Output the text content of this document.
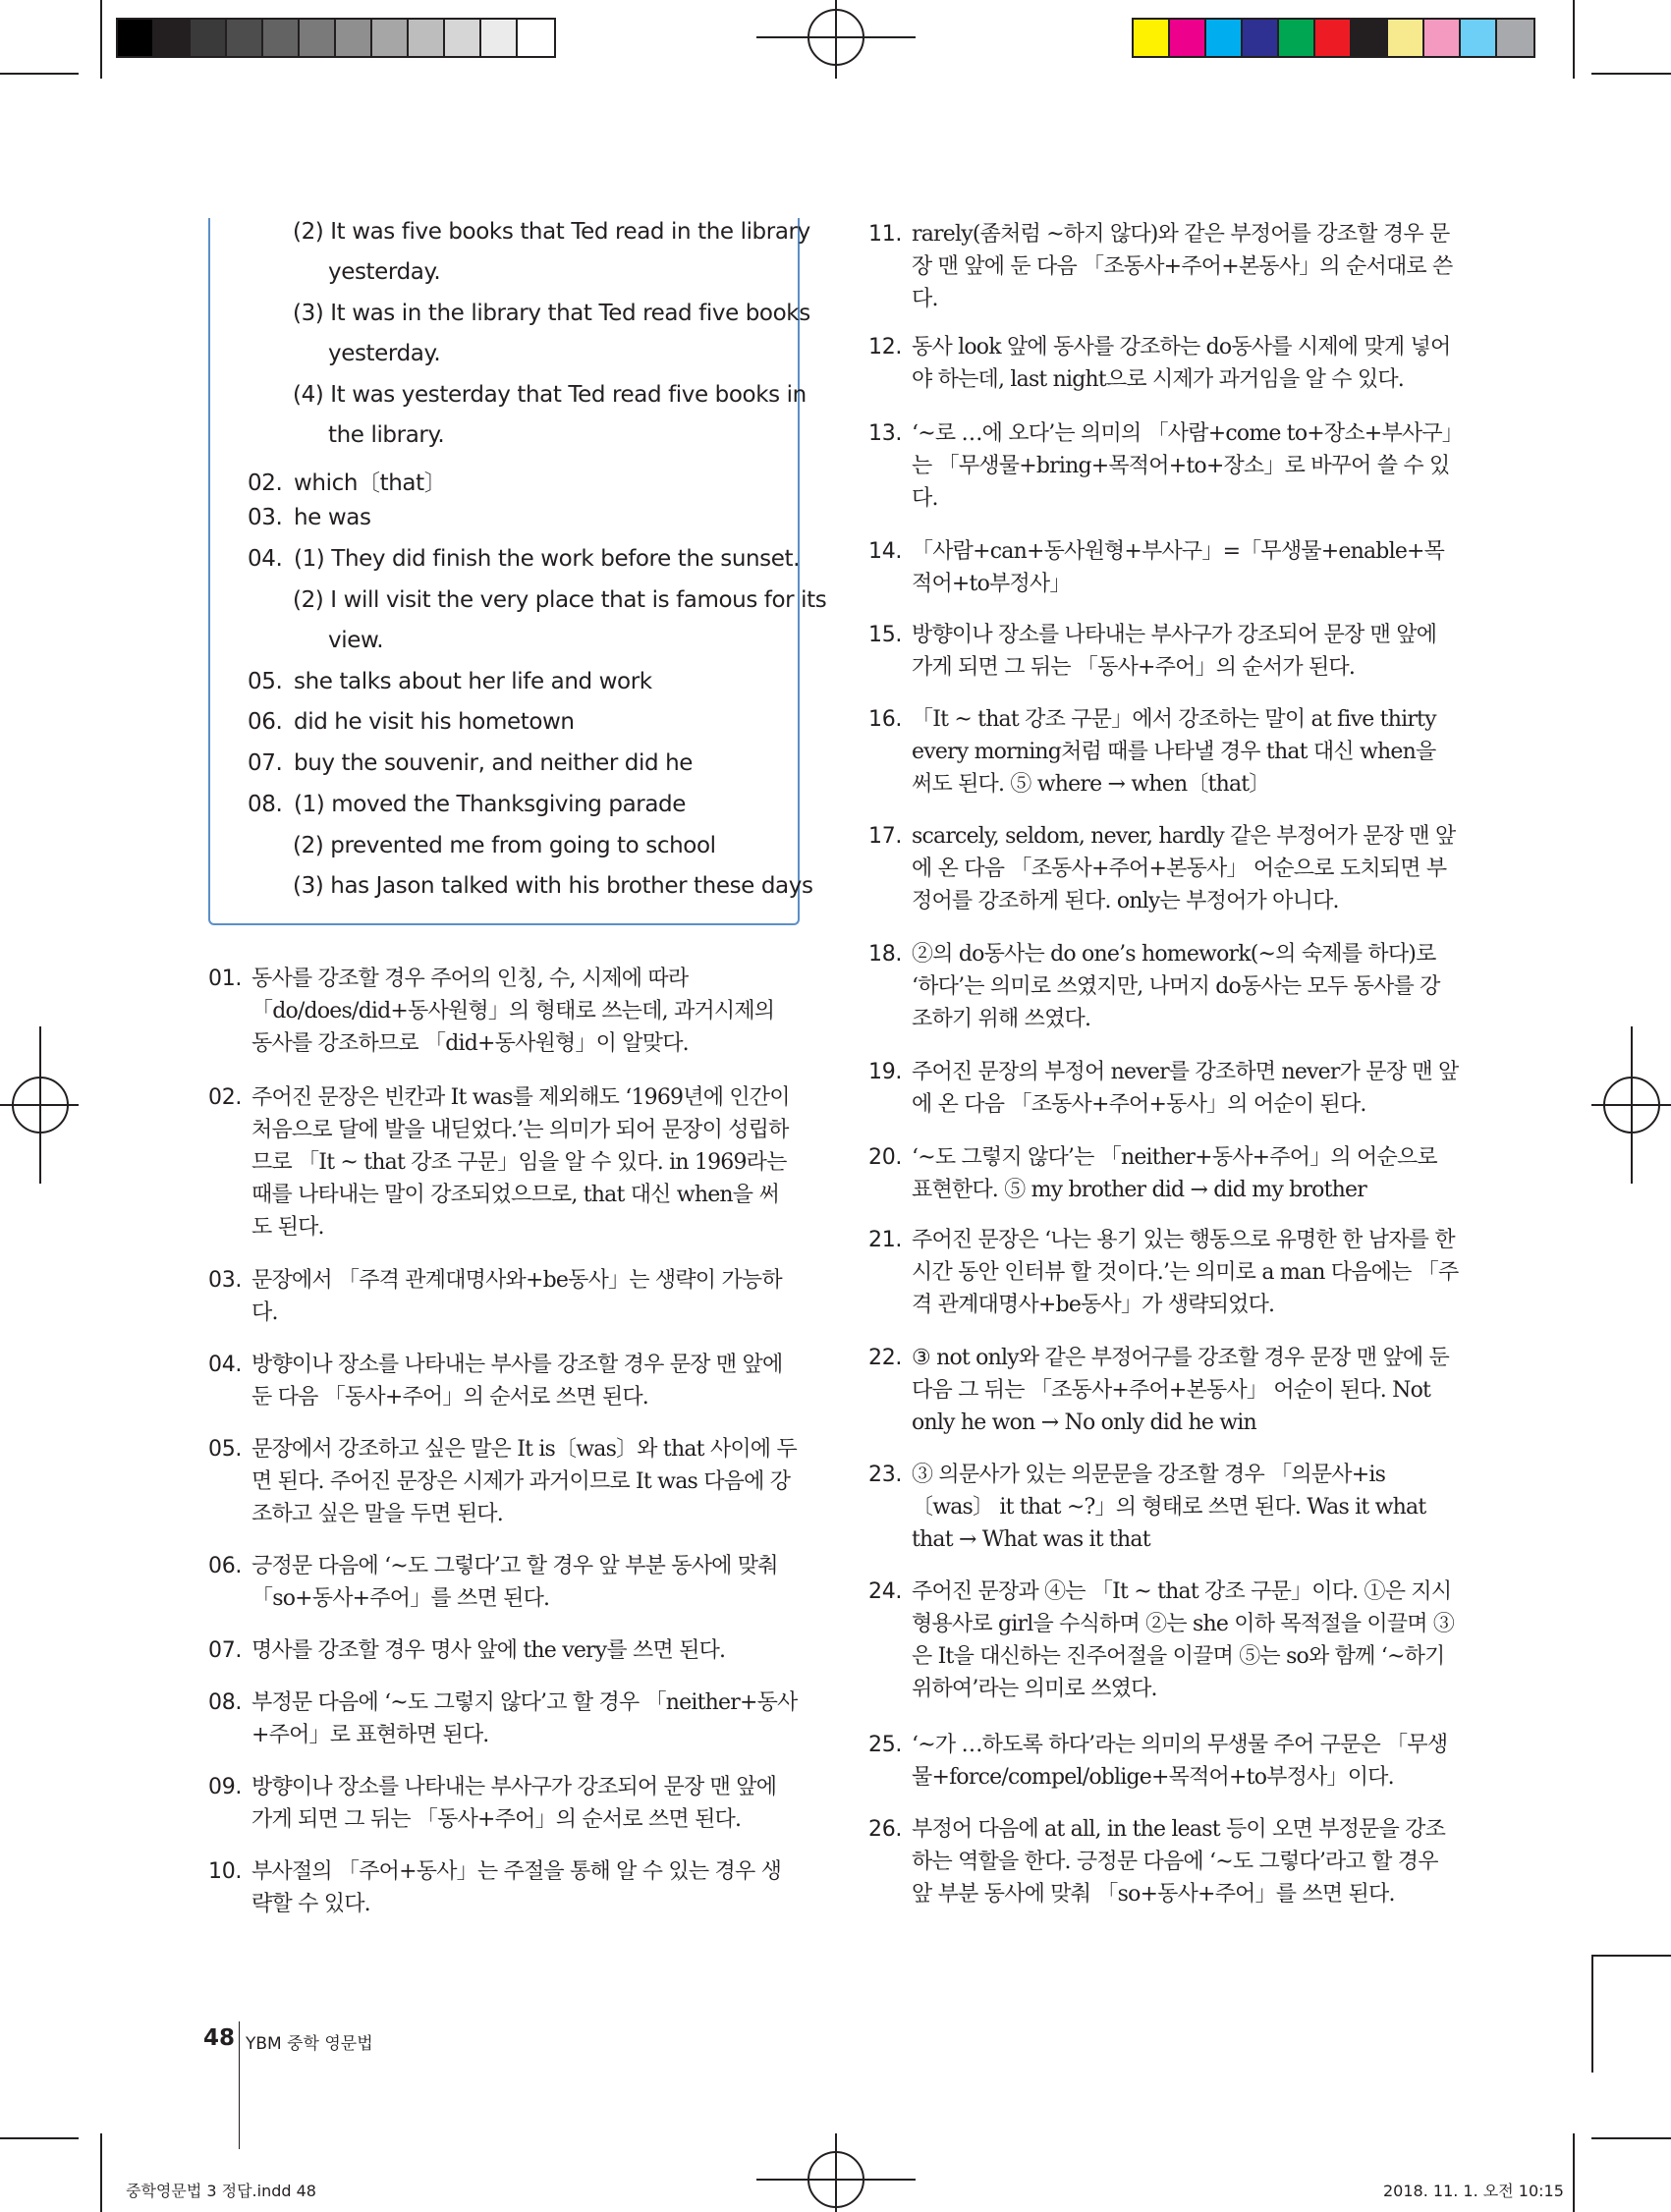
(2) It was five books that Ted read in the library
yesterday.
(3) It was in the library that Ted read five books
yesterday.
(4) It was yesterday that Ted read five books in
the library.
02. which〔that〕
03. he was
04. (1) They did finish the work before the sunset.
(2) I will visit the very place that is famous for its
view.
05. she talks about her life and work
06. did he visit his hometown
07. buy the souvenir, and neither did he
08. (1) moved the Thanksgiving parade
(2) prevented me from going to school
(3) has Jason talked with his brother these days
01. 동사를 강조할 경우 주어의 인칭, 수, 시제에 따라 「do/does/did+동사원형」의 형태로 쓰는데, 과거시제의 동사를 강조하므로 「did+동사원형」이 알맞다.
02. 주어진 문장은 빈칸과 It was를 제외해도 ‘1969년에 인간이 처음으로 달에 발을 내딛었다.’는 의미가 되어 문장이 성립하므로 「It ~ that 강조 구문」임을 알 수 있다. in 1969라는 때를 나타내는 말이 강조되었으므로, that 대신 when을 써도 된다.
03. 문장에서 「주격 관계대명사와+be동사」는 생략이 가능하다.
04. 방향이나 장소를 나타내는 부사를 강조할 경우 문장 맨 앞에 둔 다음 「동사+주어」의 순서로 쓰면 된다.
05. 문장에서 강조하고 싶은 말은 It is〔was〕와 that 사이에 두면 된다. 주어진 문장은 시제가 과거이므로 It was 다음에 강조하고 싶은 말을 두면 된다.
06. 긍정문 다음에 ‘~도 그렇다’고 할 경우 앞 부분 동사에 맞춰 「so+동사+주어」를 쓰면 된다.
07. 명사를 강조할 경우 명사 앞에 the very를 쓰면 된다.
08. 부정문 다음에 ‘~도 그렇지 않다’고 할 경우 「neither+동사+주어」로 표현하면 된다.
09. 방향이나 장소를 나타내는 부사구가 강조되어 문장 맨 앞에 가게 되면 그 뒤는 「동사+주어」의 순서로 쓰면 된다.
10. 부사절의 「주어+동사」는 주절을 통해 알 수 있는 경우 생략할 수 있다.
11. rarely(좀처럼 ~하지 않다)와 같은 부정어를 강조할 경우 문장 맨 앞에 둔 다음 「조동사+주어+본동사」의 순서대로 쓴다.
12. 동사 look 앞에 동사를 강조하는 do동사를 시제에 맞게 넣어야 하는데, last night으로 시제가 과거임을 알 수 있다.
13. ‘~로 …에 오다’는 의미의 「사람+come to+장소+부사구」는 「무생물+bring+목적어+to+장소」로 바꾸어 쓸 수 있다.
14. 「사람+can+동사원형+부사구」=「무생물+enable+목적어+to부정사」
15. 방향이나 장소를 나타내는 부사구가 강조되어 문장 맨 앞에 가게 되면 그 뒤는 「동사+주어」의 순서가 된다.
16. 「It ~ that 강조 구문」에서 강조하는 말이 at five thirty every morning처럼 때를 나타낼 경우 that 대신 when을 써도 된다. ⑤ where → when〔that〕
17. scarcely, seldom, never, hardly 같은 부정어가 문장 맨 앞에 온 다음 「조동사+주어+본동사」 어순으로 도치되면 부정어를 강조하게 된다. only는 부정어가 아니다.
18. ②의 do동사는 do one’s homework(~의 숙제를 하다)로 ‘하다’는 의미로 쓰였지만, 나머지 do동사는 모두 동사를 강조하기 위해 쓰였다.
19. 주어진 문장의 부정어 never를 강조하면 never가 문장 맨 앞에 온 다음 「조동사+주어+동사」의 어순이 된다.
20. ‘~도 그렇지 않다’는 「neither+동사+주어」의 어순으로 표현한다. ⑤ my brother did → did my brother
21. 주어진 문장은 ‘나는 용기 있는 행동으로 유명한 한 남자를 한 시간 동안 인터뷰 할 것이다.’는 의미로 a man 다음에는 「주격 관계대명사+be동사」가 생략되었다.
22. ③ not only와 같은 부정어구를 강조할 경우 문장 맨 앞에 둔 다음 그 뒤는 「조동사+주어+본동사」 어순이 된다. Not only he won → No only did he win
23. ③ 의문사가 있는 의문문을 강조할 경우 「의문사+is〔was〕 it that ~?」의 형태로 쓰면 된다. Was it what that → What was it that
24. 주어진 문장과 ④는 「It ~ that 강조 구문」이다. ①은 지시형용사로 girl을 수식하며 ②는 she 이하 목적절을 이끌며 ③은 It을 대신하는 진주어절을 이끌며 ⑤는 so와 함께 ‘~하기 위하여’라는 의미로 쓰였다.
25. ‘~가 …하도록 하다’라는 의미의 무생물 주어 구문은 「무생물+force/compel/oblige+목적어+to부정사」이다.
26. 부정어 다음에 at all, in the least 등이 오면 부정문을 강조하는 역할을 한다. 긍정문 다음에 ‘~도 그렇다’라고 할 경우 앞 부분 동사에 맞춰 「so+동사+주어」를 쓰면 된다.
48 YBM 중학 영문법
중학영문법 3 정답.indd 48	2018. 11. 1. 오전 10:15
